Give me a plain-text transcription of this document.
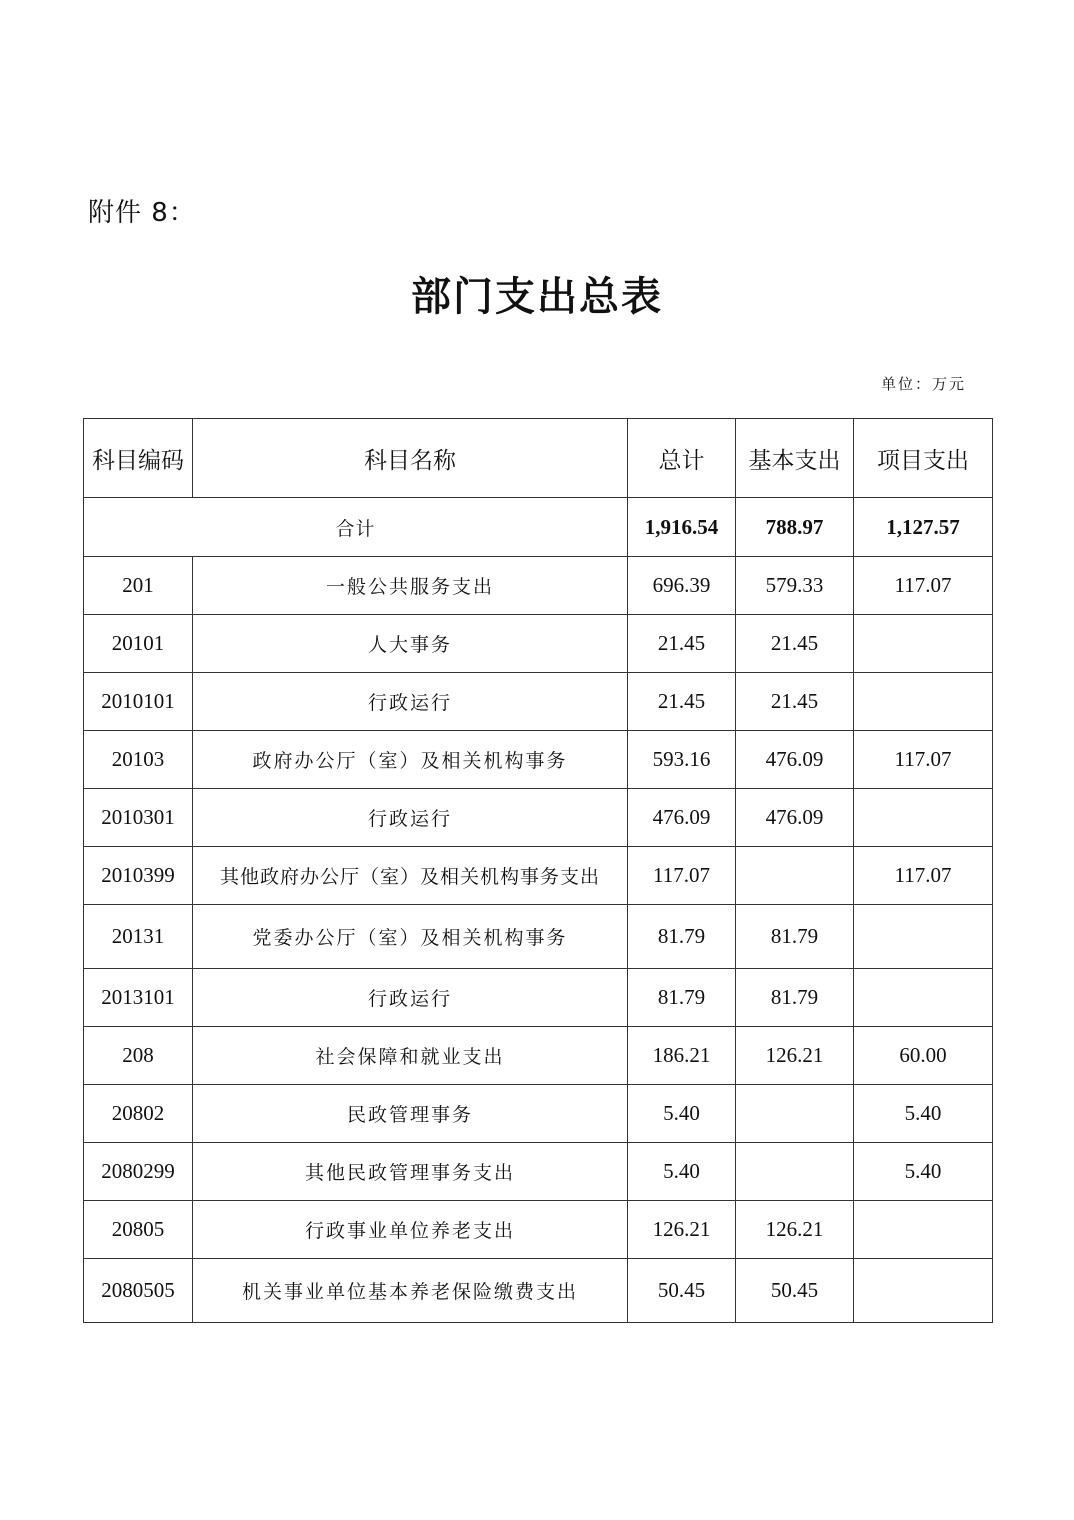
附件 8：
部门支出总表
单位：万元
科目编码	科目名称	总计	基本支出	项目支出
合计		1,916.54	788.97	1,127.57
201	一般公共服务支出	696.39	579.33	117.07
20101	人大事务	21.45	21.45	
2010101	行政运行	21.45	21.45	
20103	政府办公厅（室）及相关机构事务	593.16	476.09	117.07
2010301	行政运行	476.09	476.09	
2010399	其他政府办公厅（室）及相关机构事务支出	117.07		117.07
20131	党委办公厅（室）及相关机构事务	81.79	81.79	
2013101	行政运行	81.79	81.79	
208	社会保障和就业支出	186.21	126.21	60.00
20802	民政管理事务	5.40		5.40
2080299	其他民政管理事务支出	5.40		5.40
20805	行政事业单位养老支出	126.21	126.21	
2080505	机关事业单位基本养老保险缴费支出	50.45	50.45	
